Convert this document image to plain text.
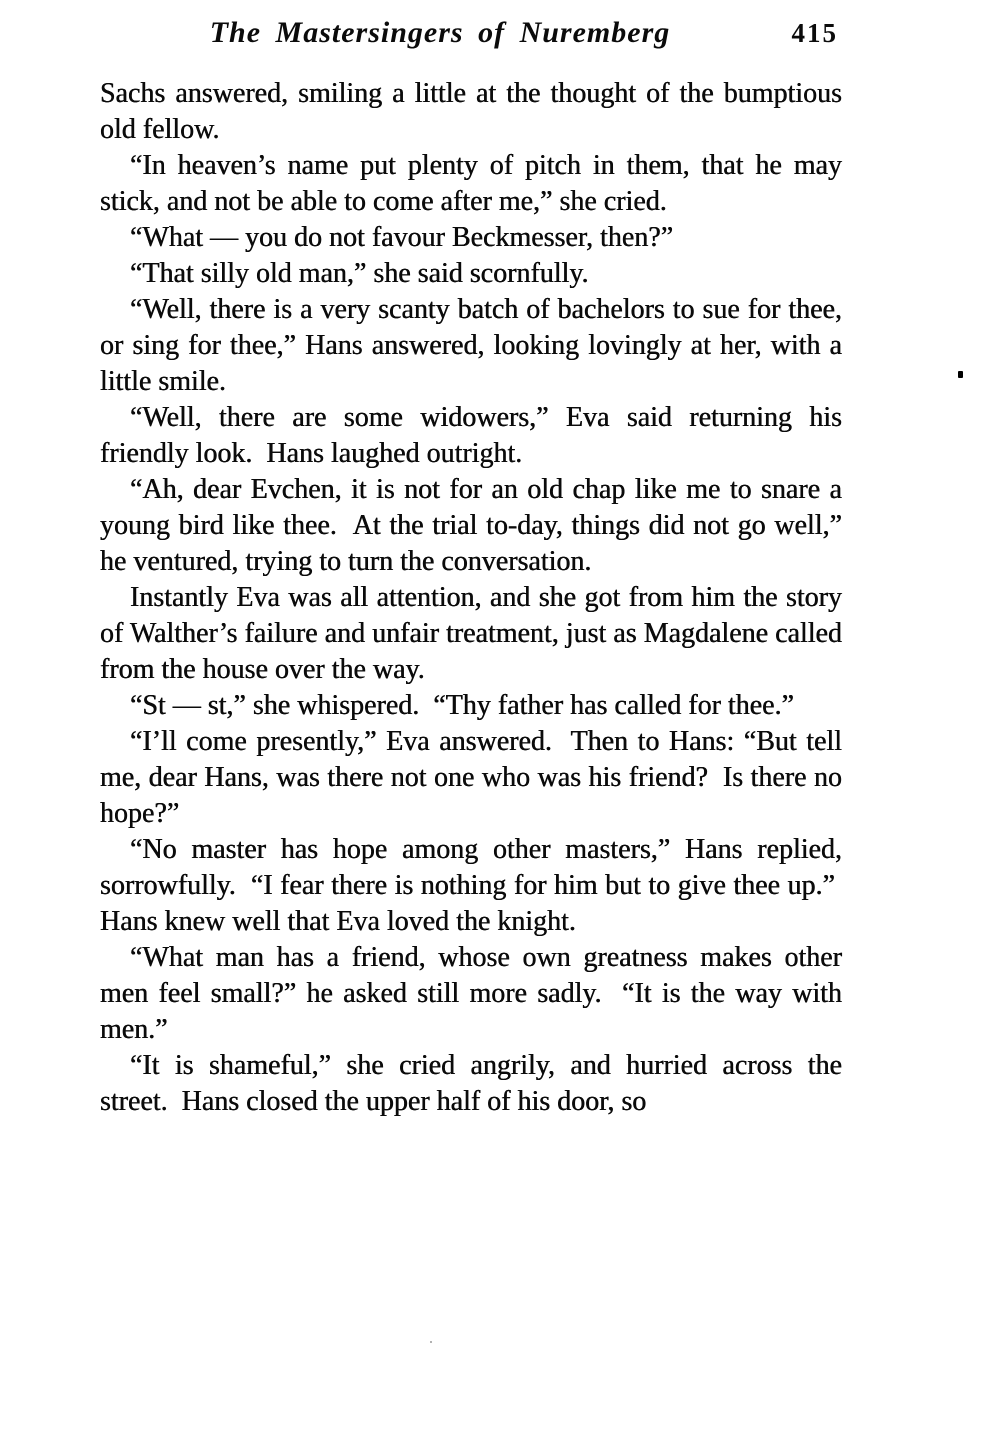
The Mastersingers of Nuremberg	415

Sachs answered, smiling a little at the thought of the bumptious old fellow.

“In heaven’s name put plenty of pitch in them, that he may stick, and not be able to come after me,” she cried.

“What — you do not favour Beckmesser, then?”

“That silly old man,” she said scornfully.

“Well, there is a very scanty batch of bachelors to sue for thee, or sing for thee,” Hans answered, looking lovingly at her, with a little smile.

“Well, there are some widowers,” Eva said returning his friendly look.  Hans laughed outright.

“Ah, dear Evchen, it is not for an old chap like me to snare a young bird like thee.  At the trial to-day, things did not go well,” he ventured, trying to turn the conversation.

Instantly Eva was all attention, and she got from him the story of Walther’s failure and unfair treatment, just as Magdalene called from the house over the way.

“St — st,” she whispered.  “Thy father has called for thee.”

“I’ll come presently,” Eva answered.  Then to Hans: “But tell me, dear Hans, was there not one who was his friend?  Is there no hope?”

“No master has hope among other masters,” Hans replied, sorrowfully.  “I fear there is nothing for him but to give thee up.”  Hans knew well that Eva loved the knight.

“What man has a friend, whose own greatness makes other men feel small?” he asked still more sadly.  “It is the way with men.”

“It is shameful,” she cried angrily, and hurried across the street.  Hans closed the upper half of his door, so
